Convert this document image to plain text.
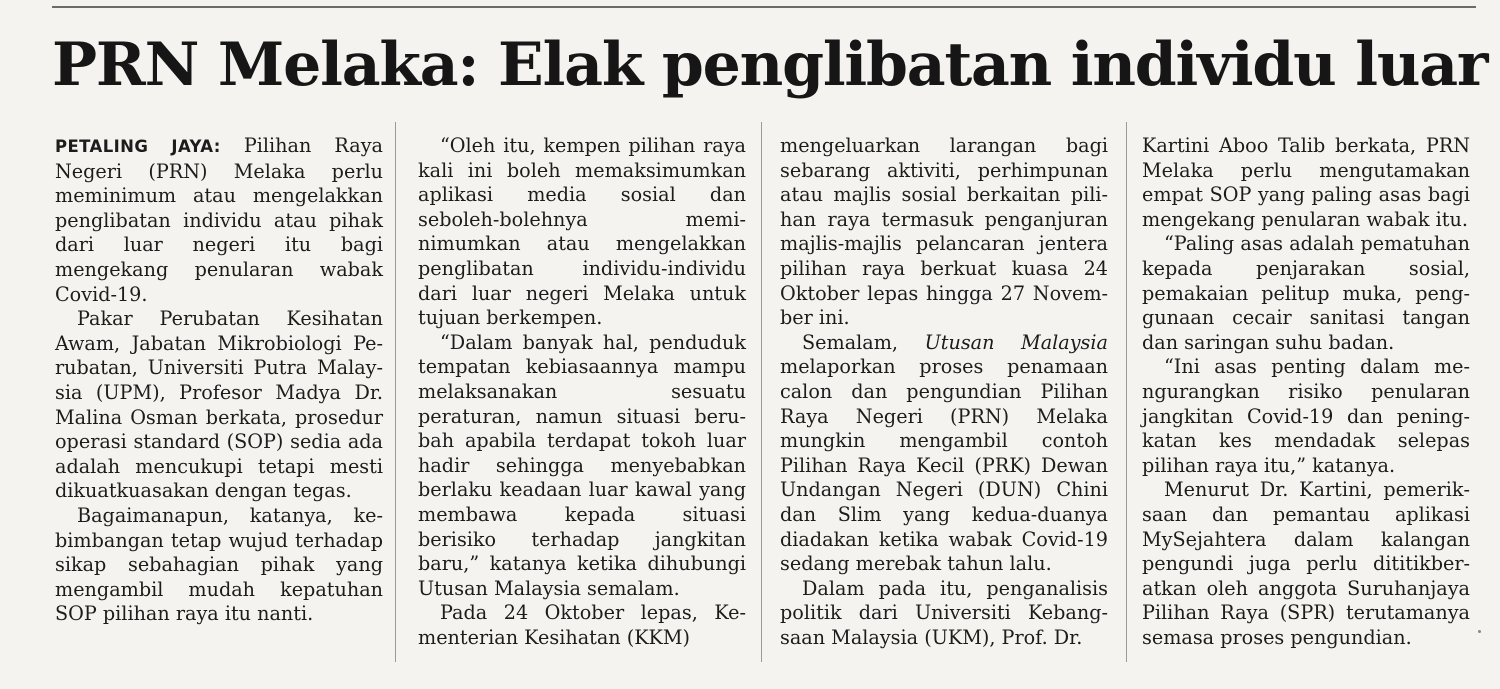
PRN Melaka: Elak penglibatan individu luar

PETALING JAYA: Pilihan Raya Negeri (PRN) Melaka perlu meminimum atau mengelakkan penglibatan individu atau pihak dari luar negeri itu bagi mengekang penularan wabak Covid-19.

Pakar Perubatan Kesihatan Awam, Jabatan Mikrobiologi Perubatan, Universiti Putra Malaysia (UPM), Profesor Madya Dr. Malina Osman berkata, prosedur operasi standard (SOP) sedia ada adalah mencukupi tetapi mesti dikuatkuasakan dengan tegas.

Bagaimanapun, katanya, kebimbangan tetap wujud terhadap sikap sebahagian pihak yang mengambil mudah kepatuhan SOP pilihan raya itu nanti.

“Oleh itu, kempen pilihan raya kali ini boleh memaksimumkan aplikasi media sosial dan seboleh-bolehnya meminimumkan atau mengelakkan penglibatan individu-individu dari luar negeri Melaka untuk tujuan berkempen.

“Dalam banyak hal, penduduk tempatan kebiasaannya mampu melaksanakan sesuatu peraturan, namun situasi berubah apabila terdapat tokoh luar hadir sehingga menyebabkan berlaku keadaan luar kawal yang membawa kepada situasi berisiko terhadap jangkitan baru,” katanya ketika dihubungi Utusan Malaysia semalam.

Pada 24 Oktober lepas, Kementerian Kesihatan (KKM)

mengeluarkan larangan bagi sebarang aktiviti, perhimpunan atau majlis sosial berkaitan pilihan raya termasuk penganjuran majlis-majlis pelancaran jentera pilihan raya berkuat kuasa 24 Oktober lepas hingga 27 November ini.

Semalam, Utusan Malaysia melaporkan proses penamaan calon dan pengundian Pilihan Raya Negeri (PRN) Melaka mungkin mengambil contoh Pilihan Raya Kecil (PRK) Dewan Undangan Negeri (DUN) Chini dan Slim yang kedua-duanya diadakan ketika wabak Covid-19 sedang merebak tahun lalu.

Dalam pada itu, penganalisis politik dari Universiti Kebangsaan Malaysia (UKM), Prof. Dr.

Kartini Aboo Talib berkata, PRN Melaka perlu mengutamakan empat SOP yang paling asas bagi mengekang penularan wabak itu.

“Paling asas adalah pematuhan kepada penjarakan sosial, pemakaian pelitup muka, penggunaan cecair sanitasi tangan dan saringan suhu badan.

“Ini asas penting dalam mengurangkan risiko penularan jangkitan Covid-19 dan peningkatan kes mendadak selepas pilihan raya itu,” katanya.

Menurut Dr. Kartini, pemeriksaan dan pemantau aplikasi MySejahtera dalam kalangan pengundi juga perlu dititikberatkan oleh anggota Suruhanjaya Pilihan Raya (SPR) terutamanya semasa proses pengundian.
